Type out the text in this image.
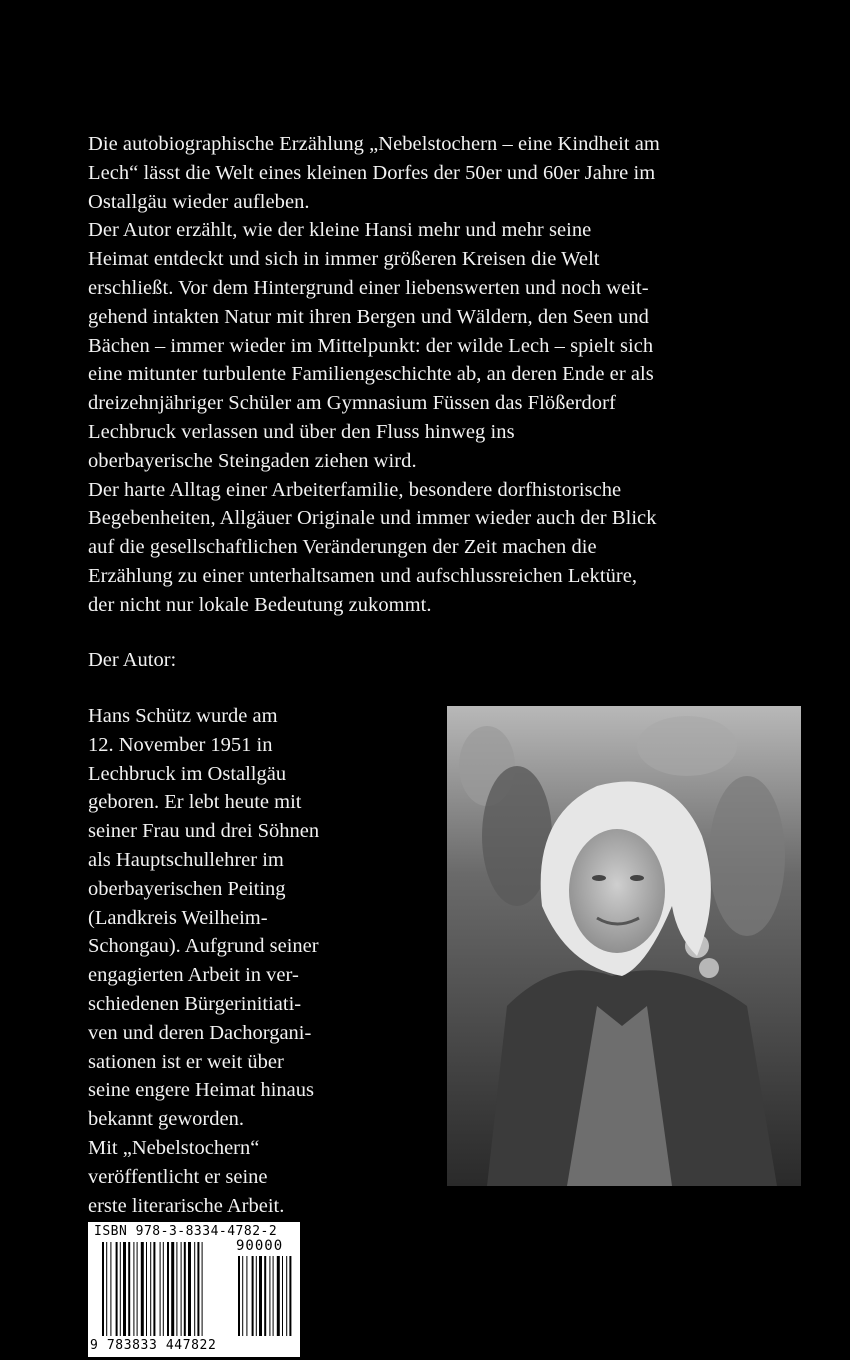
Die autobiographische Erzählung „Nebelstochern – eine Kindheit am
Lech“ lässt die Welt eines kleinen Dorfes der 50er und 60er Jahre im
Ostallgäu wieder aufleben.

Der Autor erzählt, wie der kleine Hansi mehr und mehr seine
Heimat entdeckt und sich in immer größeren Kreisen die Welt
erschließt. Vor dem Hintergrund einer liebenswerten und noch weit-
gehend intakten Natur mit ihren Bergen und Wäldern, den Seen und
Bächen – immer wieder im Mittelpunkt: der wilde Lech – spielt sich
eine mitunter turbulente Familiengeschichte ab, an deren Ende er als
dreizehnjähriger Schüler am Gymnasium Füssen das Flößerdorf
Lechbruck verlassen und über den Fluss hinweg ins
oberbayerische Steingaden ziehen wird.

Der harte Alltag einer Arbeiterfamilie, besondere dorfhistorische
Begebenheiten, Allgäuer Originale und immer wieder auch der Blick
auf die gesellschaftlichen Veränderungen der Zeit machen die
Erzählung zu einer unterhaltsamen und aufschlussreichen Lektüre,
der nicht nur lokale Bedeutung zukommt.

Der Autor:
Hans Schütz wurde am
12. November 1951 in
Lechbruck im Ostallgäu
geboren. Er lebt heute mit
seiner Frau und drei Söhnen
als Hauptschullehrer im
oberbayerischen Peiting
(Landkreis Weilheim-
Schongau). Aufgrund seiner
engagierten Arbeit in ver-
schiedenen Bürgerinitiati-
ven und deren Dachorgani-
sationen ist er weit über
seine engere Heimat hinaus
bekannt geworden.
Mit „Nebelstochern“
veröffentlicht er seine
erste literarische Arbeit.
ISBN 978-3-8334-4782-2
90000
9 783833 447822
